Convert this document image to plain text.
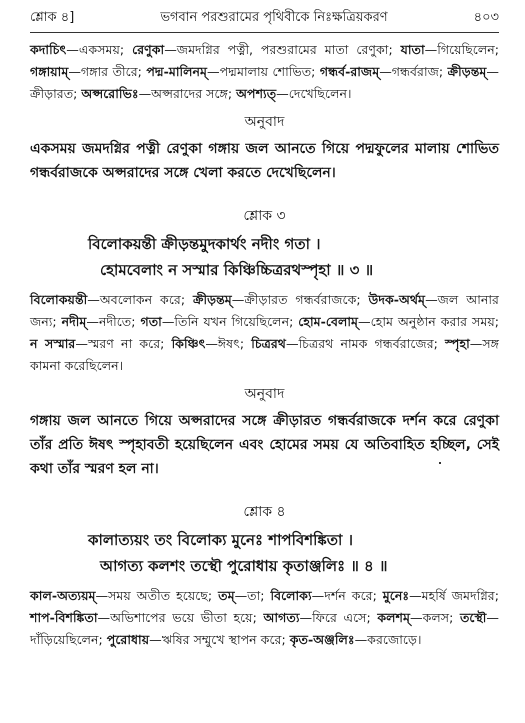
শ্লোক ৪]	ভগবান পরশুরামের পৃথিবীকে নিঃক্ষত্রিয়করণ	৪০৩

কদাচিৎ—একসময়; রেণুকা—জমদগ্নির পত্নী, পরশুরামের মাতা রেণুকা; যাতা—গিয়েছিলেন; গঙ্গায়াম্—গঙ্গার তীরে; পদ্ম-মালিনম্—পদ্মমালায় শোভিত; গন্ধর্ব-রাজম্—গন্ধর্বরাজ; ক্রীড়ন্তম্—ক্রীড়ারত; অপ্সরোভিঃ—অপ্সরাদের সঙ্গে; অপশ্যত্—দেখেছিলেন।

অনুবাদ

একসময় জমদগ্নির পত্নী রেণুকা গঙ্গায় জল আনতে গিয়ে পদ্মফুলের মালায় শোভিত গন্ধর্বরাজকে অপ্সরাদের সঙ্গে খেলা করতে দেখেছিলেন।

শ্লোক ৩
বিলোকয়ন্তী ক্রীড়ন্তমুদকার্থং নদীং গতা ।
হোমবেলাং ন সস্মার কিঞ্চিচ্চিত্ররথস্পৃহা ॥ ৩ ॥

বিলোকয়ন্তী—অবলোকন করে; ক্রীড়ন্তম্—ক্রীড়ারত গন্ধর্বরাজকে; উদক-অর্থম্—জল আনার জন্য; নদীম্—নদীতে; গতা—তিনি যখন গিয়েছিলেন; হোম-বেলাম্—হোম অনুষ্ঠান করার সময়; ন সস্মার—স্মরণ না করে; কিঞ্চিৎ—ঈষৎ; চিত্ররথ—চিত্ররথ নামক গন্ধর্বরাজের; স্পৃহা—সঙ্গ কামনা করেছিলেন।

অনুবাদ

গঙ্গায় জল আনতে গিয়ে অপ্সরাদের সঙ্গে ক্রীড়ারত গন্ধর্বরাজকে দর্শন করে রেণুকা তাঁর প্রতি ঈষৎ স্পৃহাবতী হয়েছিলেন এবং হোমের সময় যে অতিবাহিত হচ্ছিল, সেই কথা তাঁর স্মরণ হল না।

শ্লোক ৪
কালাত্যয়ং তং বিলোক্য মুনেঃ শাপবিশঙ্কিতা ।
আগত্য কলশং তস্থৌ পুরোধায় কৃতাঞ্জলিঃ ॥ ৪ ॥

কাল-অত্যয়ম্—সময় অতীত হয়েছে; তম্—তা; বিলোক্য—দর্শন করে; মুনেঃ—মহর্ষি জমদগ্নির; শাপ-বিশঙ্কিতা—অভিশাপের ভয়ে ভীতা হয়ে; আগত্য—ফিরে এসে; কলশম্—কলস; তস্থৌ—দাঁড়িয়েছিলেন; পুরোধায়—ঋষির সম্মুখে স্থাপন করে; কৃত-অঞ্জলিঃ—করজোড়ে।
